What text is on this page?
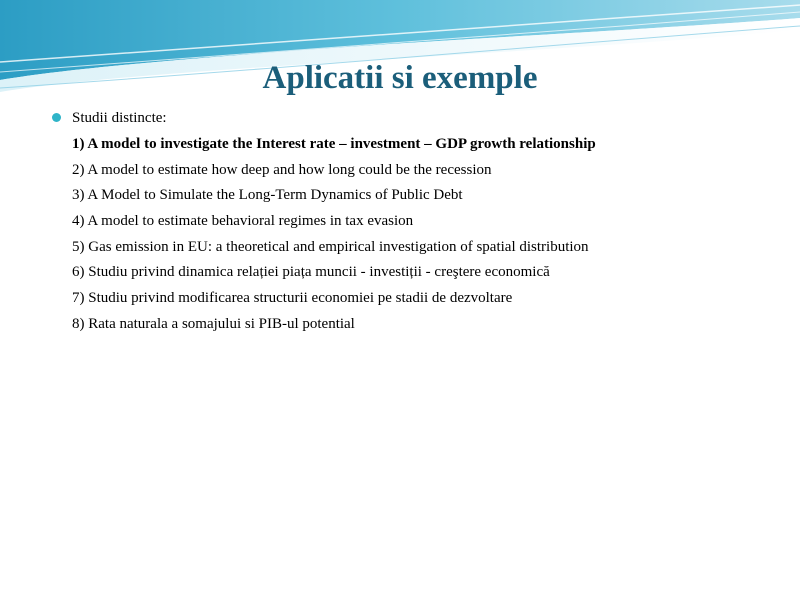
Aplicatii si exemple
Studii distincte:
1) A model to investigate the Interest rate – investment – GDP growth relationship
2) A model to estimate how deep and how long could be the recession
3) A Model to Simulate the Long-Term Dynamics of Public Debt
4) A model to estimate behavioral regimes in tax evasion
5) Gas emission in EU: a theoretical and empirical investigation of spatial distribution
6) Studiu privind dinamica relației piața muncii - investiții - creştere economică
7) Studiu privind modificarea structurii economiei pe stadii de dezvoltare
8) Rata naturala a somajului si PIB-ul potential
